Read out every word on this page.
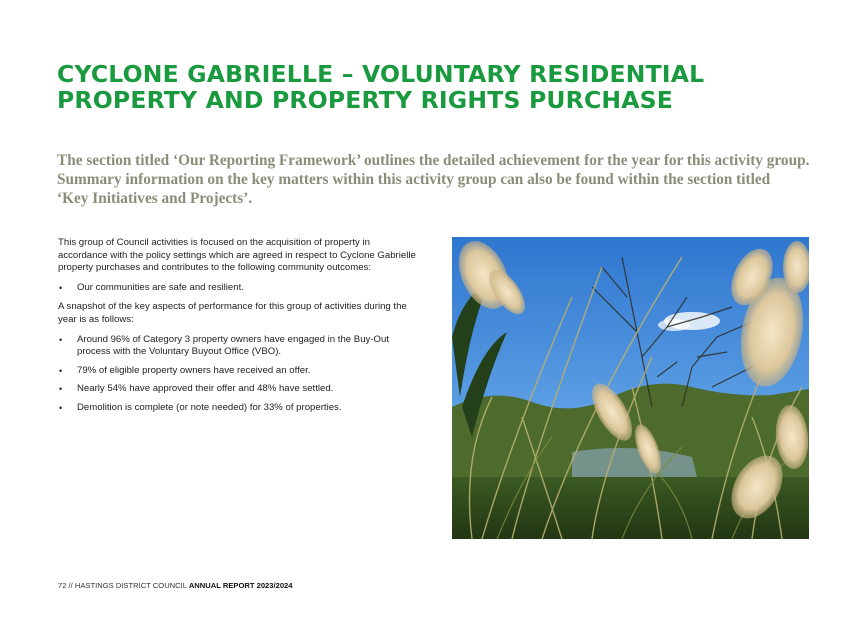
CYCLONE GABRIELLE – VOLUNTARY RESIDENTIAL
PROPERTY AND PROPERTY RIGHTS PURCHASE
The section titled ‘Our Reporting Framework’ outlines the detailed achievement for the year for this activity group.
Summary information on the key matters within this activity group can also be found within the section titled
‘Key Initiatives and Projects’.

This group of Council activities is focused on the acquisition of property in accordance with the policy settings which are agreed in respect to Cyclone Gabrielle property purchases and contributes to the following community outcomes:

• Our communities are safe and resilient.

A snapshot of the key aspects of performance for this group of activities during the year is as follows:

• Around 96% of Category 3 property owners have engaged in the Buy-Out process with the Voluntary Buyout Office (VBO).
• 79% of eligible property owners have received an offer.
• Nearly 54% have approved their offer and 48% have settled.
• Demolition is complete (or note needed) for 33% of properties.
72 // HASTINGS DISTRICT COUNCIL ANNUAL REPORT 2023/2024
